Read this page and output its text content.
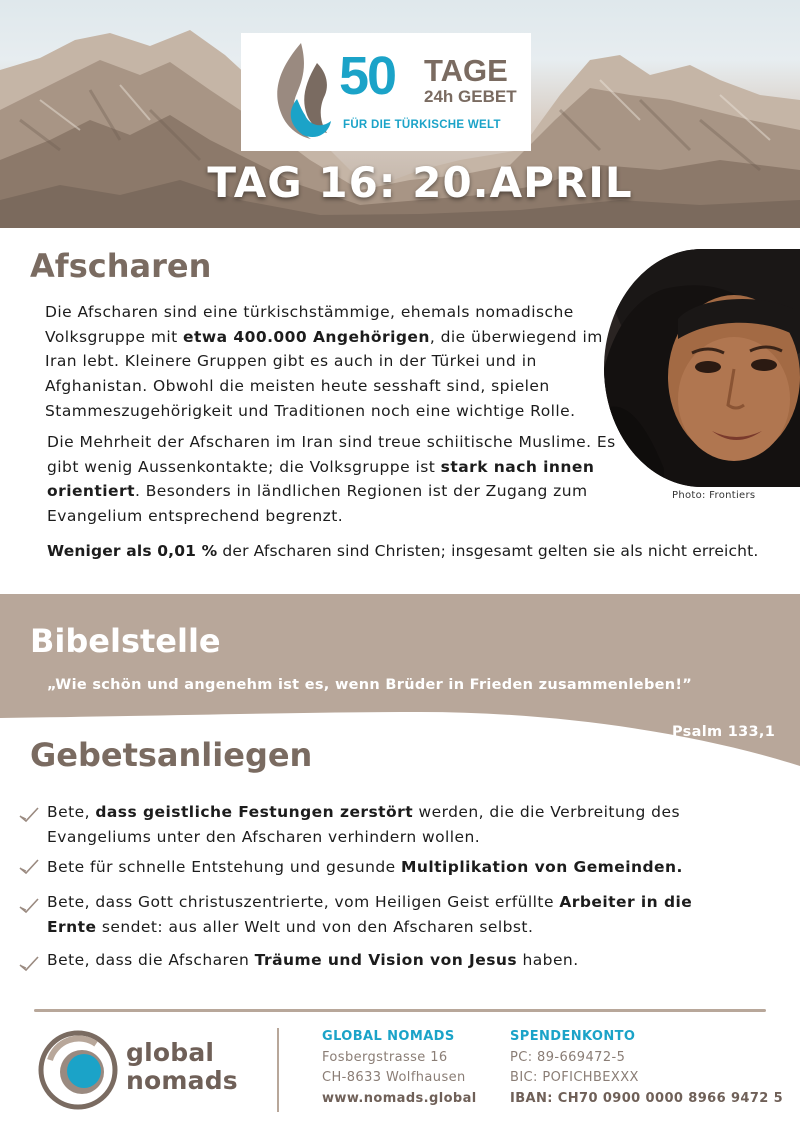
50 TAGE
24h GEBET
FÜR DIE TÜRKISCHE WELT
TAG 16: 20.APRIL
Afscharen

Die Afscharen sind eine türkischstämmige, ehemals nomadische Volksgruppe mit etwa 400.000 Angehörigen, die überwiegend im Iran lebt. Kleinere Gruppen gibt es auch in der Türkei und in Afghanistan. Obwohl die meisten heute sesshaft sind, spielen Stammeszugehörigkeit und Traditionen noch eine wichtige Rolle.

Die Mehrheit der Afscharen im Iran sind treue schiitische Muslime. Es gibt wenig Aussenkontakte; die Volksgruppe ist stark nach innen orientiert. Besonders in ländlichen Regionen ist der Zugang zum Evangelium entsprechend begrenzt.

Weniger als 0,01 % der Afscharen sind Christen; insgesamt gelten sie als nicht erreicht.

Photo: Frontiers
Bibelstelle
„Wie schön und angenehm ist es, wenn Brüder in Frieden zusammenleben!”
Psalm 133,1
Gebetsanliegen

Bete, dass geistliche Festungen zerstört werden, die die Verbreitung des Evangeliums unter den Afscharen verhindern wollen.

Bete für schnelle Entstehung und gesunde Multiplikation von Gemeinden.

Bete, dass Gott christuszentrierte, vom Heiligen Geist erfüllte Arbeiter in die Ernte sendet: aus aller Welt und von den Afscharen selbst.

Bete, dass die Afscharen Träume und Vision von Jesus haben.

global
nomads
GLOBAL NOMADS
Fosbergstrasse 16
CH-8633 Wolfhausen
www.nomads.global
SPENDENKONTO
PC: 89-669472-5
BIC: POFICHBEXXX
IBAN: CH70 0900 0000 8966 9472 5
